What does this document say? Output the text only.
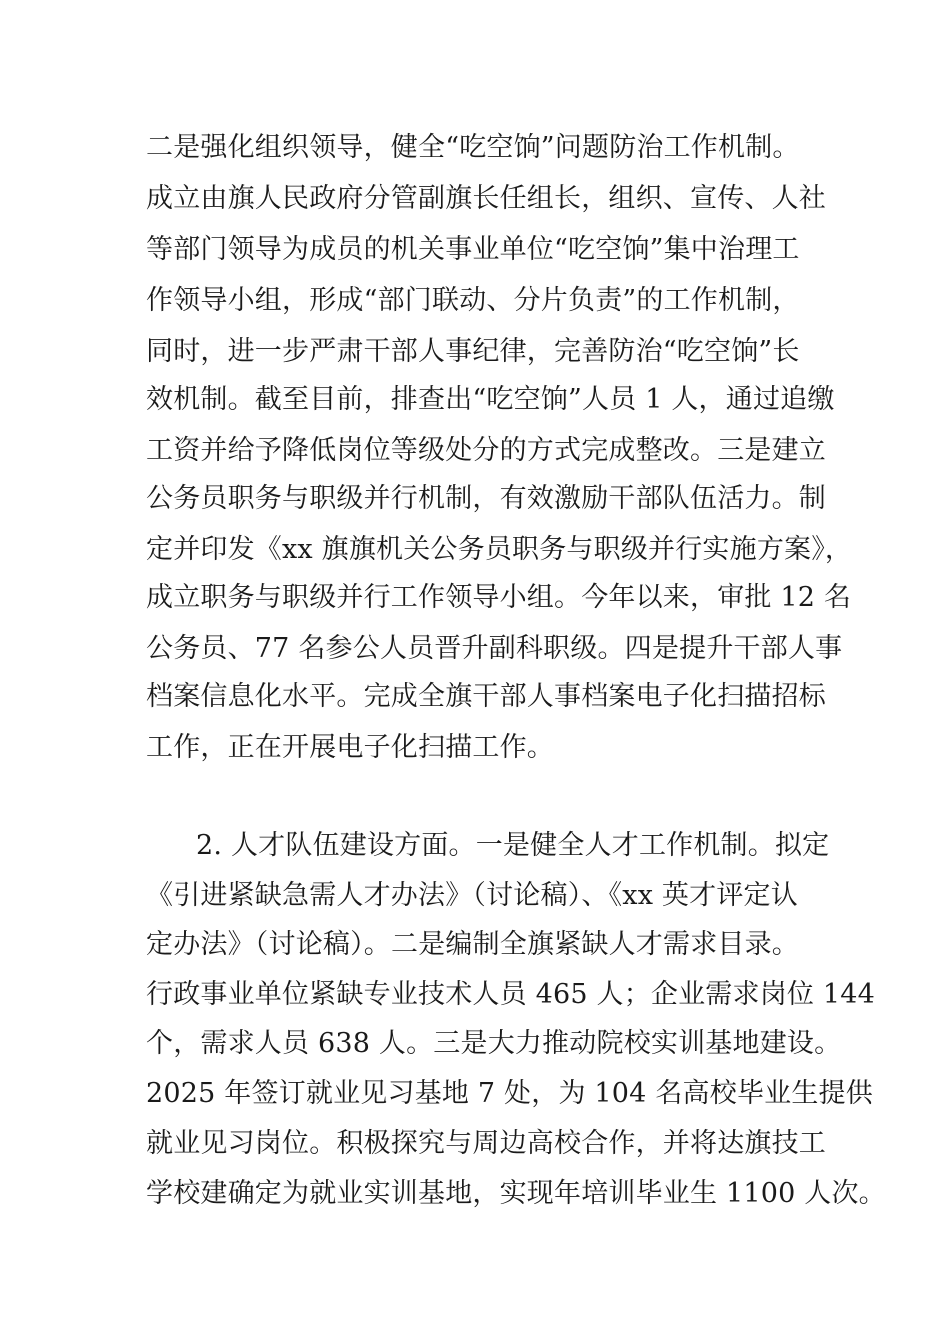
二是强化组织领导，健全“吃空饷”问题防治工作机制。
成立由旗人民政府分管副旗长任组长，组织、宣传、人社
等部门领导为成员的机关事业单位“吃空饷”集中治理工
作领导小组，形成“部门联动、分片负责”的工作机制，
同时，进一步严肃干部人事纪律，完善防治“吃空饷”长
效机制。截至目前，排查出“吃空饷”人员 1 人，通过追缴
工资并给予降低岗位等级处分的方式完成整改。三是建立
公务员职务与职级并行机制，有效激励干部队伍活力。制
定并印发《xx 旗旗机关公务员职务与职级并行实施方案》，
成立职务与职级并行工作领导小组。今年以来，审批 12 名
公务员、77 名参公人员晋升副科职级。四是提升干部人事
档案信息化水平。完成全旗干部人事档案电子化扫描招标
工作，正在开展电子化扫描工作。
2. 人才队伍建设方面。一是健全人才工作机制。拟定
《引进紧缺急需人才办法》（讨论稿）、《xx 英才评定认
定办法》（讨论稿）。二是编制全旗紧缺人才需求目录。
行政事业单位紧缺专业技术人员 465 人；企业需求岗位 144
个，需求人员 638 人。三是大力推动院校实训基地建设。
2025 年签订就业见习基地 7 处，为 104 名高校毕业生提供
就业见习岗位。积极探究与周边高校合作，并将达旗技工
学校建确定为就业实训基地，实现年培训毕业生 1100 人次。
